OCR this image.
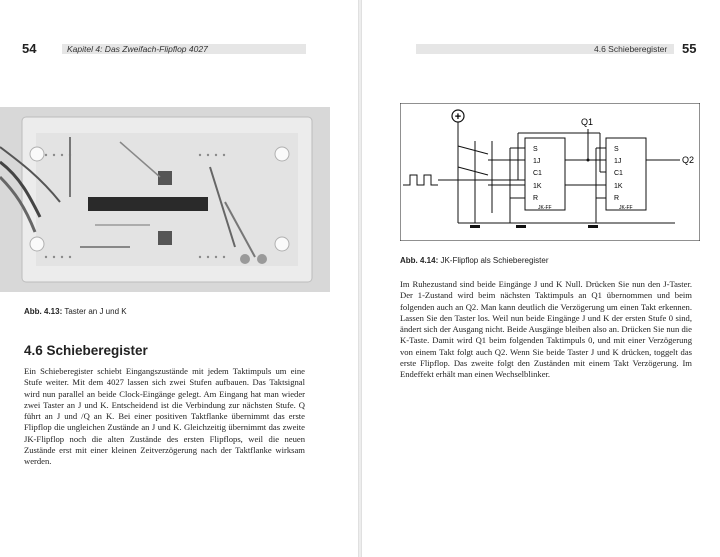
54	Kapitel 4: Das Zweifach-Flipflop 4027
Abb. 4.13: Taster an J und K
4.6 Schieberegister

Ein Schieberegister schiebt Eingangszustände mit jedem Taktimpuls um eine Stufe weiter. Mit dem 4027 lassen sich zwei Stufen aufbauen. Das Taktsignal wird nun parallel an beide Clock-Eingänge gelegt. Am Eingang hat man wieder zwei Taster an J und K. Entscheidend ist die Verbindung zur nächsten Stufe. Q führt an J und /Q an K. Bei einer positiven Taktflanke übernimmt das erste Flipflop die ungleichen Zustände an J und K. Gleichzeitig übernimmt das zweite JK-Flipflop noch die alten Zustände des ersten Flipflops, weil die neuen Zustände erst mit einer kleinen Zeitverzögerung nach der Taktflanke wirksam werden.

4.6 Schieberegister 55
+
S
1J
C1
1K
R
JK-FF
Q1
S
1J
C1
1K
R
JK-FF
Q2
Abb. 4.14: JK-Flipflop als Schieberegister

Im Ruhezustand sind beide Eingänge J und K Null. Drücken Sie nun den J-Taster. Der 1-Zustand wird beim nächsten Taktimpuls an Q1 übernommen und beim folgenden auch an Q2. Man kann deutlich die Verzögerung um einen Takt erkennen. Lassen Sie den Taster los. Weil nun beide Eingänge J und K der ersten Stufe 0 sind, ändert sich der Ausgang nicht. Beide Ausgänge bleiben also an. Drücken Sie nun die K-Taste. Damit wird Q1 beim folgenden Taktimpuls 0, und mit einer Verzögerung von einem Takt folgt auch Q2. Wenn Sie beide Taster J und K drücken, toggelt das erste Flipflop. Das zweite folgt den Zuständen mit einem Takt Verzögerung. Im Endeffekt erhält man einen Wechselblinker.
